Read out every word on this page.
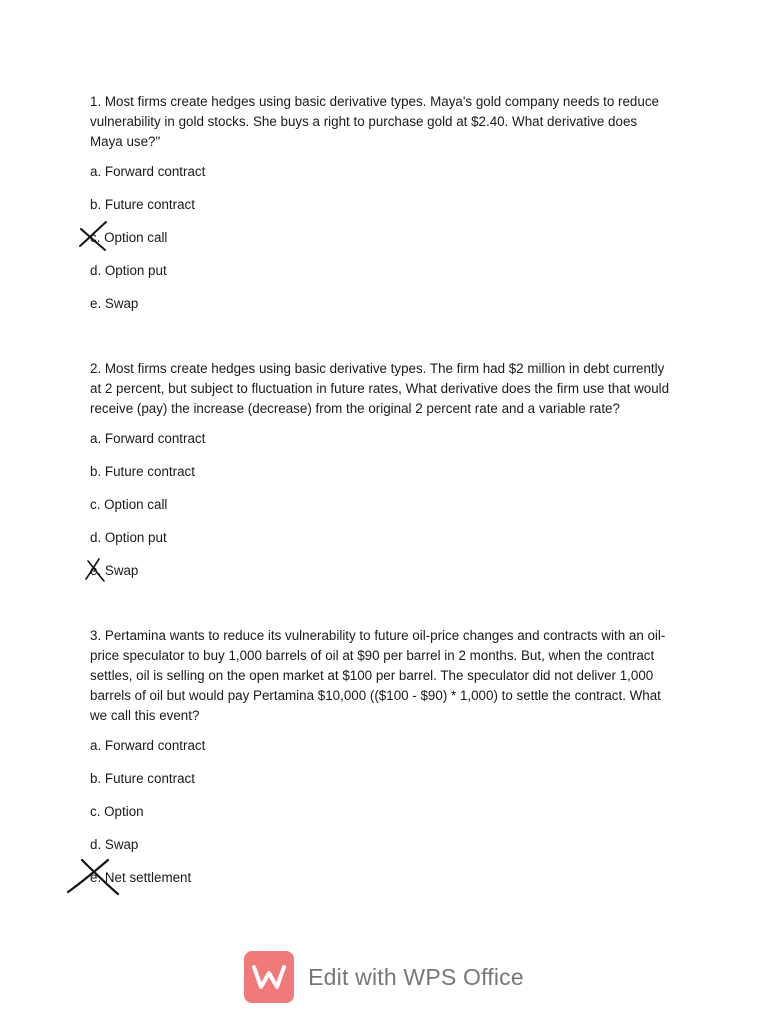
1. Most firms create hedges using basic derivative types. Maya's gold company needs to reduce vulnerability in gold stocks. She buys a right to purchase gold at $2.40. What derivative does Maya use?"

a. Forward contract
b. Future contract
c. Option call
d. Option put
e. Swap

2. Most firms create hedges using basic derivative types. The firm had $2 million in debt currently at 2 percent, but subject to fluctuation in future rates, What derivative does the firm use that would receive (pay) the increase (decrease) from the original 2 percent rate and a variable rate?

a. Forward contract
b. Future contract
c. Option call
d. Option put
e. Swap

3. Pertamina wants to reduce its vulnerability to future oil-price changes and contracts with an oil-price speculator to buy 1,000 barrels of oil at $90 per barrel in 2 months. But, when the contract settles, oil is selling on the open market at $100 per barrel. The speculator did not deliver 1,000 barrels of oil but would pay Pertamina $10,000 (($100 - $90) * 1,000) to settle the contract. What we call this event?

a. Forward contract
b. Future contract
c. Option
d. Swap
e. Net settlement
Edit with WPS Office
